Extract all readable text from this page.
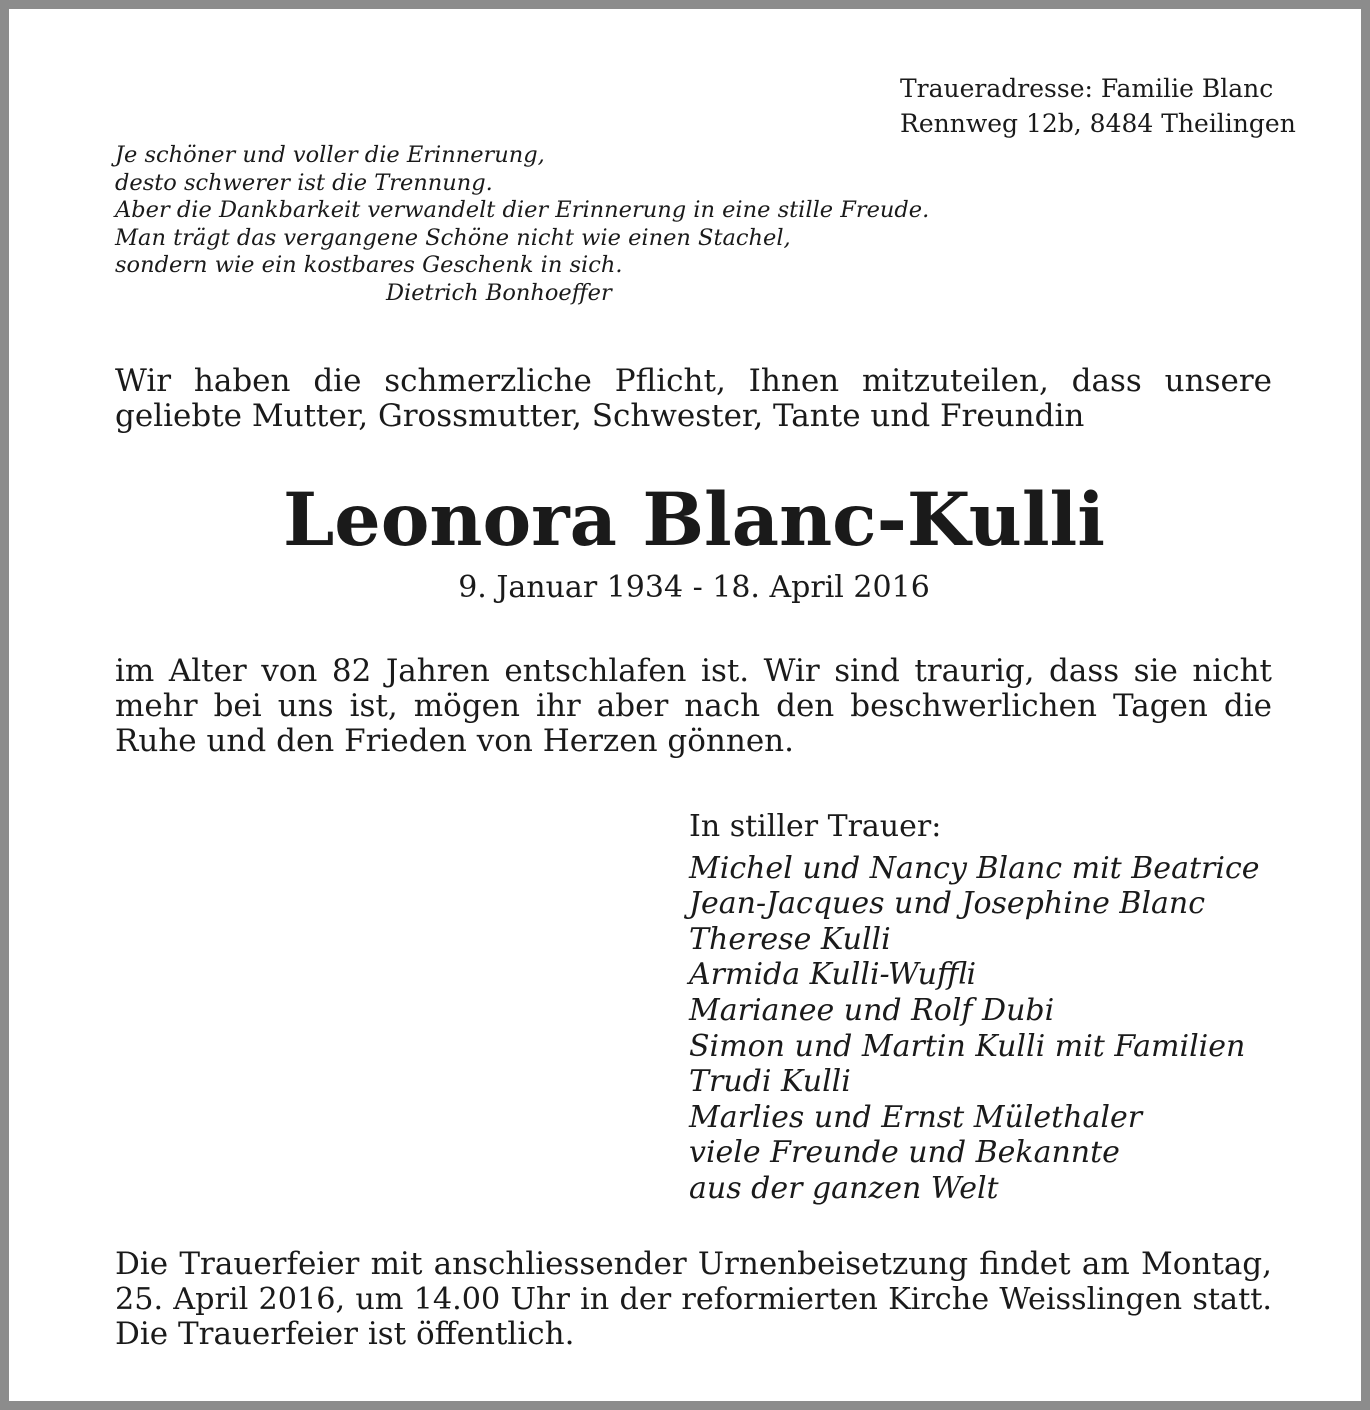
Traueradresse: Familie Blanc
Rennweg 12b, 8484 Theilingen
Je schöner und voller die Erinnerung,
desto schwerer ist die Trennung.
Aber die Dankbarkeit verwandelt dier Erinnerung in eine stille Freude.
Man trägt das vergangene Schöne nicht wie einen Stachel,
sondern wie ein kostbares Geschenk in sich.
Dietrich Bonhoeffer
Wir haben die schmerzliche Pflicht, Ihnen mitzuteilen, dass unsere
geliebte Mutter, Grossmutter, Schwester, Tante und Freundin
Leonora Blanc-Kulli
9. Januar 1934 - 18. April 2016
im Alter von 82 Jahren entschlafen ist. Wir sind traurig, dass sie nicht
mehr bei uns ist, mögen ihr aber nach den beschwerlichen Tagen die
Ruhe und den Frieden von Herzen gönnen.
In stiller Trauer:
Michel und Nancy Blanc mit Beatrice
Jean-Jacques und Josephine Blanc
Therese Kulli
Armida Kulli-Wuffli
Marianee und Rolf Dubi
Simon und Martin Kulli mit Familien
Trudi Kulli
Marlies und Ernst Mülethaler
viele Freunde und Bekannte
aus der ganzen Welt
Die Trauerfeier mit anschliessender Urnenbeisetzung findet am Montag,
25. April 2016, um 14.00 Uhr in der reformierten Kirche Weisslingen statt.
Die Trauerfeier ist öffentlich.
